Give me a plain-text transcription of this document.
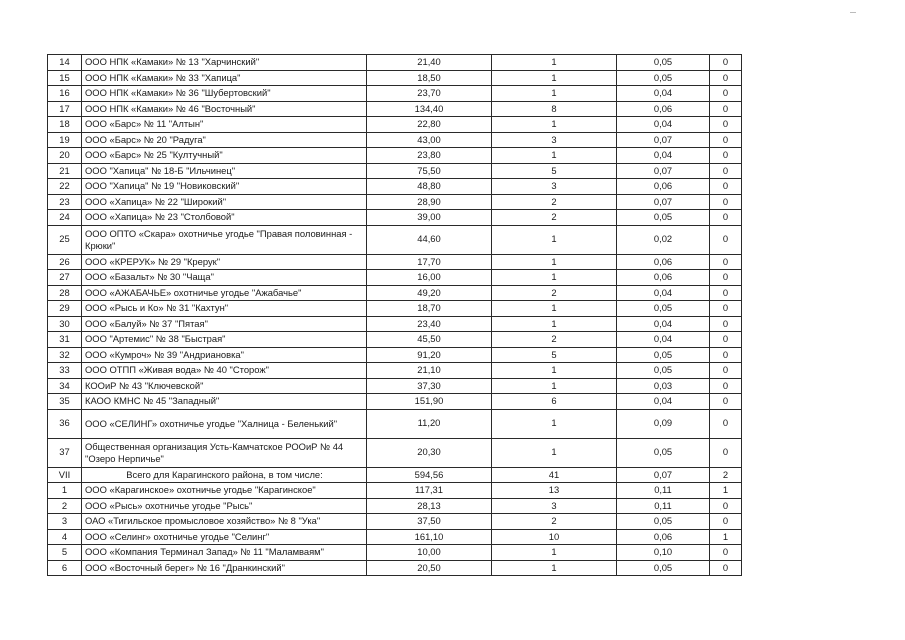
14	ООО НПК «Камаки» № 13 "Харчинский"	21,40	1	0,05	0
15	ООО НПК «Камаки» № 33 "Хапица"	18,50	1	0,05	0
16	ООО НПК «Камаки» № 36 "Шубертовский"	23,70	1	0,04	0
17	ООО НПК «Камаки» № 46 "Восточный"	134,40	8	0,06	0
18	ООО «Барс» № 11 "Алтын"	22,80	1	0,04	0
19	ООО «Барс» № 20 "Радуга"	43,00	3	0,07	0
20	ООО «Барс» № 25 "Култучный"	23,80	1	0,04	0
21	ООО "Хапица" № 18-Б "Ильчинец"	75,50	5	0,07	0
22	ООО "Хапица" № 19 "Новиковский"	48,80	3	0,06	0
23	ООО «Хапица» № 22 "Широкий"	28,90	2	0,07	0
24	ООО «Хапица» № 23 "Столбовой"	39,00	2	0,05	0
25	ООО ОПТО «Скара» охотничье угодье "Правая половинная - Крюки"	44,60	1	0,02	0
26	ООО «КРЕРУК» № 29 "Крерук"	17,70	1	0,06	0
27	ООО «Базальт» № 30 "Чаща"	16,00	1	0,06	0
28	ООО «АЖАБАЧЬЕ» охотничье угодье "Ажабачье"	49,20	2	0,04	0
29	ООО «Рысь и Ко» № 31 "Кахтун"	18,70	1	0,05	0
30	ООО «Балуй» № 37 "Пятая"	23,40	1	0,04	0
31	ООО "Артемис" № 38 "Быстрая"	45,50	2	0,04	0
32	ООО «Кумроч» № 39 "Андриановка"	91,20	5	0,05	0
33	ООО ОТПП «Живая вода» № 40 "Сторож"	21,10	1	0,05	0
34	КООиР № 43 "Ключевской"	37,30	1	0,03	0
35	КАОО КМНС № 45 "Западный"	151,90	6	0,04	0
36	ООО «СЕЛИНГ» охотничье угодье "Халница - Беленький"	11,20	1	0,09	0
37	Общественная организация Усть-Камчатское РООиР № 44 "Озеро Нерпичье"	20,30	1	0,05	0
VII	Всего для Карагинского района, в том числе:	594,56	41	0,07	2
1	ООО «Карагинское» охотничье угодье "Карагинское"	117,31	13	0,11	1
2	ООО «Рысь» охотничье угодье "Рысь"	28,13	3	0,11	0
3	ОАО «Тигильское промысловое хозяйство» № 8 "Ука"	37,50	2	0,05	0
4	ООО «Селинг» охотничье угодье "Селинг"	161,10	10	0,06	1
5	ООО «Компания Терминал Запад» № 11 "Маламваям"	10,00	1	0,10	0
6	ООО «Восточный берег» № 16 "Дранкинский"	20,50	1	0,05	0
